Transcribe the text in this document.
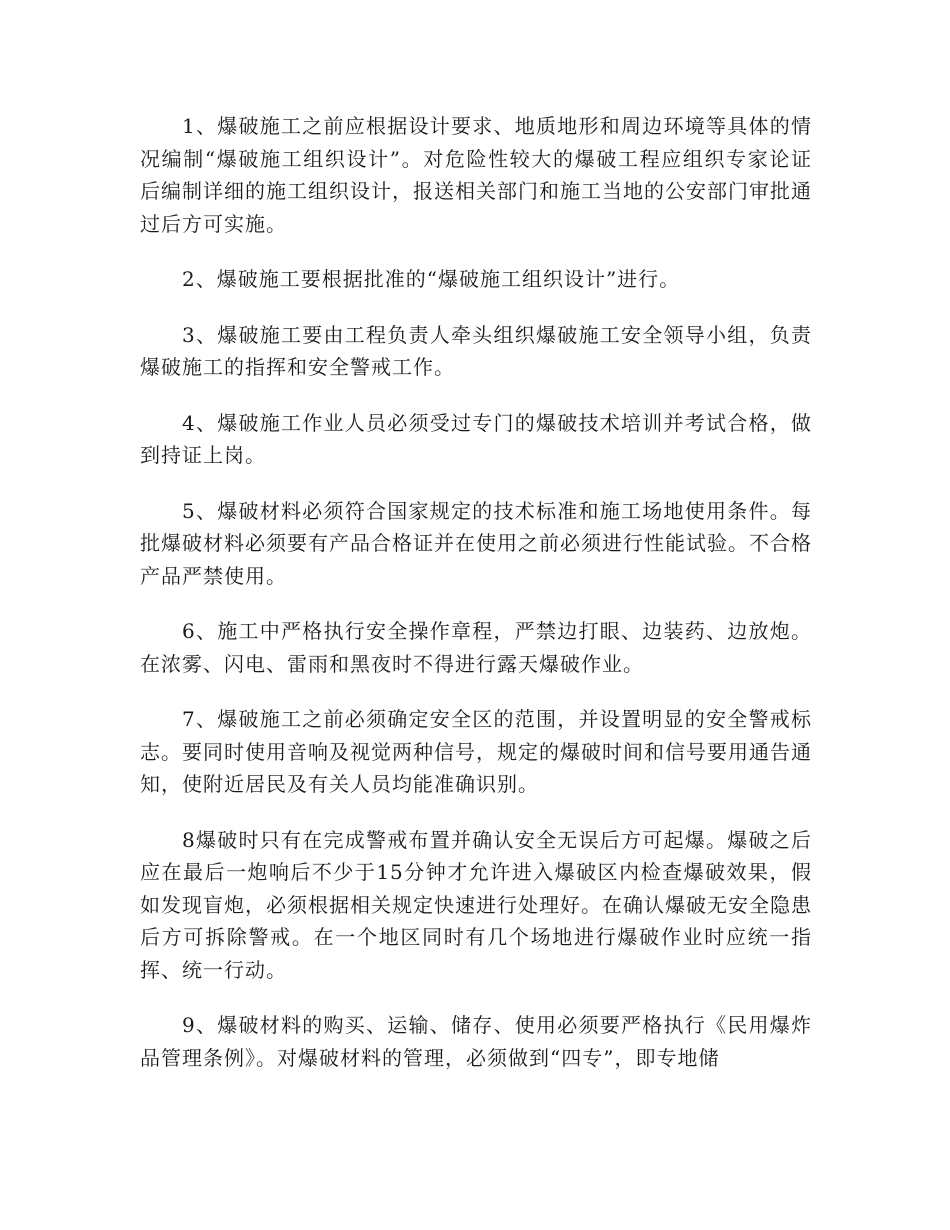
1、爆破施工之前应根据设计要求、地质地形和周边环境等具体的情况编制“爆破施工组织设计”。对危险性较大的爆破工程应组织专家论证后编制详细的施工组织设计，报送相关部门和施工当地的公安部门审批通过后方可实施。

2、爆破施工要根据批准的“爆破施工组织设计”进行。

3、爆破施工要由工程负责人牵头组织爆破施工安全领导小组，负责爆破施工的指挥和安全警戒工作。

4、爆破施工作业人员必须受过专门的爆破技术培训并考试合格，做到持证上岗。

5、爆破材料必须符合国家规定的技术标准和施工场地使用条件。每批爆破材料必须要有产品合格证并在使用之前必须进行性能试验。不合格产品严禁使用。

6、施工中严格执行安全操作章程，严禁边打眼、边装药、边放炮。在浓雾、闪电、雷雨和黑夜时不得进行露天爆破作业。

7、爆破施工之前必须确定安全区的范围，并设置明显的安全警戒标志。要同时使用音响及视觉两种信号，规定的爆破时间和信号要用通告通知，使附近居民及有关人员均能准确识别。

8爆破时只有在完成警戒布置并确认安全无误后方可起爆。爆破之后应在最后一炮响后不少于15分钟才允许进入爆破区内检查爆破效果，假如发现盲炮，必须根据相关规定快速进行处理好。在确认爆破无安全隐患后方可拆除警戒。在一个地区同时有几个场地进行爆破作业时应统一指挥、统一行动。

9、爆破材料的购买、运输、储存、使用必须要严格执行《民用爆炸品管理条例》。对爆破材料的管理，必须做到“四专”，即专地储
